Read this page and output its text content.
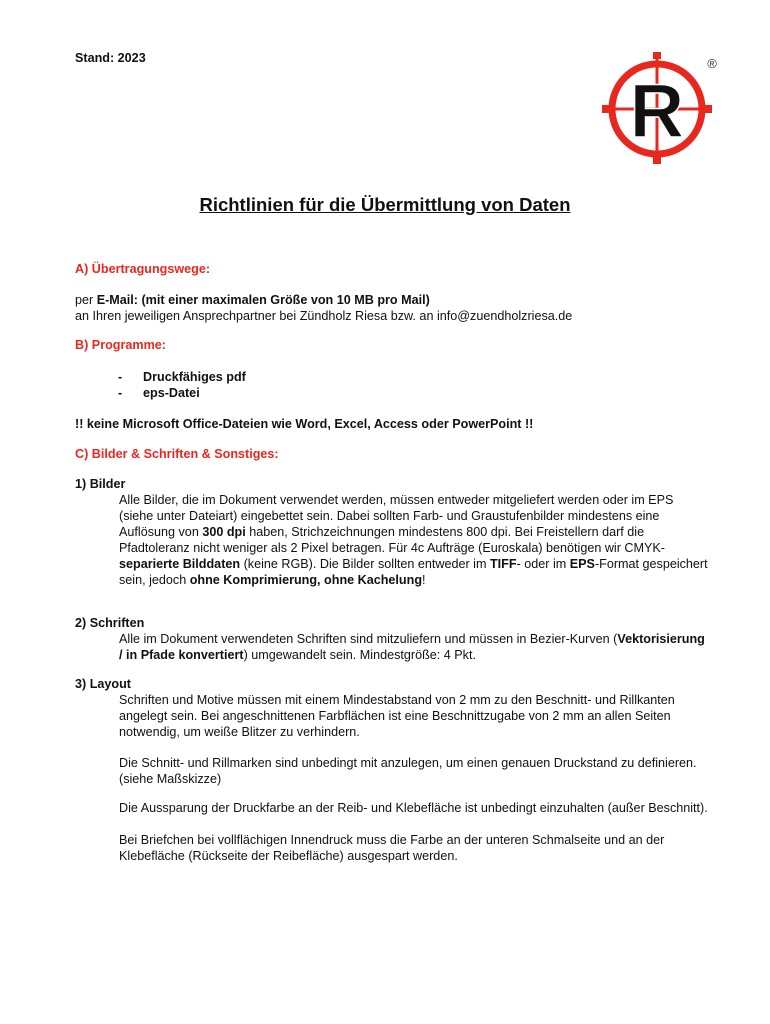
Stand: 2023
R
®
Richtlinien für die Übermittlung von Daten
A) Übertragungswege:
per E-Mail: (mit einer maximalen Größe von 10 MB pro Mail)
an Ihren jeweiligen Ansprechpartner bei Zündholz Riesa bzw. an info@zuendholzriesa.de
B) Programme:

- Druckfähiges pdf

- eps-Datei

!! keine Microsoft Office-Dateien wie Word, Excel, Access oder PowerPoint !!
C) Bilder & Schriften & Sonstiges:
1) Bilder
Alle Bilder, die im Dokument verwendet werden, müssen entweder mitgeliefert werden oder im EPS (siehe unter Dateiart) eingebettet sein. Dabei sollten Farb- und Graustufenbilder mindestens eine Auflösung von 300 dpi haben, Strichzeichnungen mindestens 800 dpi. Bei Freistellern darf die Pfadtoleranz nicht weniger als 2 Pixel betragen. Für 4c Aufträge (Euroskala) benötigen wir CMYK-separierte Bilddaten (keine RGB). Die Bilder sollten entweder im TIFF- oder im EPS-Format gespeichert sein, jedoch ohne Komprimierung, ohne Kachelung!
2) Schriften
Alle im Dokument verwendeten Schriften sind mitzuliefern und müssen in Bezier-Kurven (Vektorisierung / in Pfade konvertiert) umgewandelt sein. Mindestgröße: 4 Pkt.
3) Layout
Schriften und Motive müssen mit einem Mindestabstand von 2 mm zu den Beschnitt- und Rillkanten angelegt sein. Bei angeschnittenen Farbflächen ist eine Beschnittzugabe von 2 mm an allen Seiten notwendig, um weiße Blitzer zu verhindern.
Die Schnitt- und Rillmarken sind unbedingt mit anzulegen, um einen genauen Druckstand zu definieren. (siehe Maßskizze)
Die Aussparung der Druckfarbe an der Reib- und Klebefläche ist unbedingt einzuhalten (außer Beschnitt).
Bei Briefchen bei vollflächigen Innendruck muss die Farbe an der unteren Schmalseite und an der Klebefläche (Rückseite der Reibefläche) ausgespart werden.
